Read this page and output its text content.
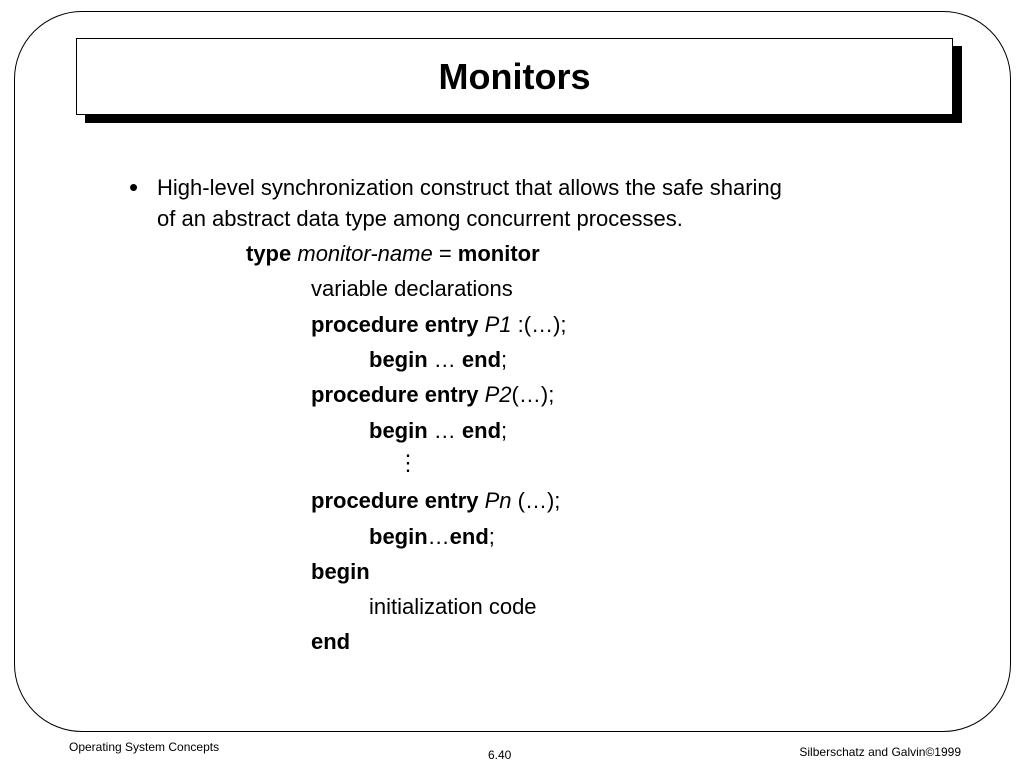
Monitors
• High-level synchronization construct that allows the safe sharing
of an abstract data type among concurrent processes.
type monitor-name = monitor
variable declarations
procedure entry P1 :(…);
begin … end;
procedure entry P2(…);
begin … end;
⋮
procedure entry Pn (…);
begin…end;
begin
initialization code
end
Operating System Concepts
6.40	Silberschatz and Galvin©1999
